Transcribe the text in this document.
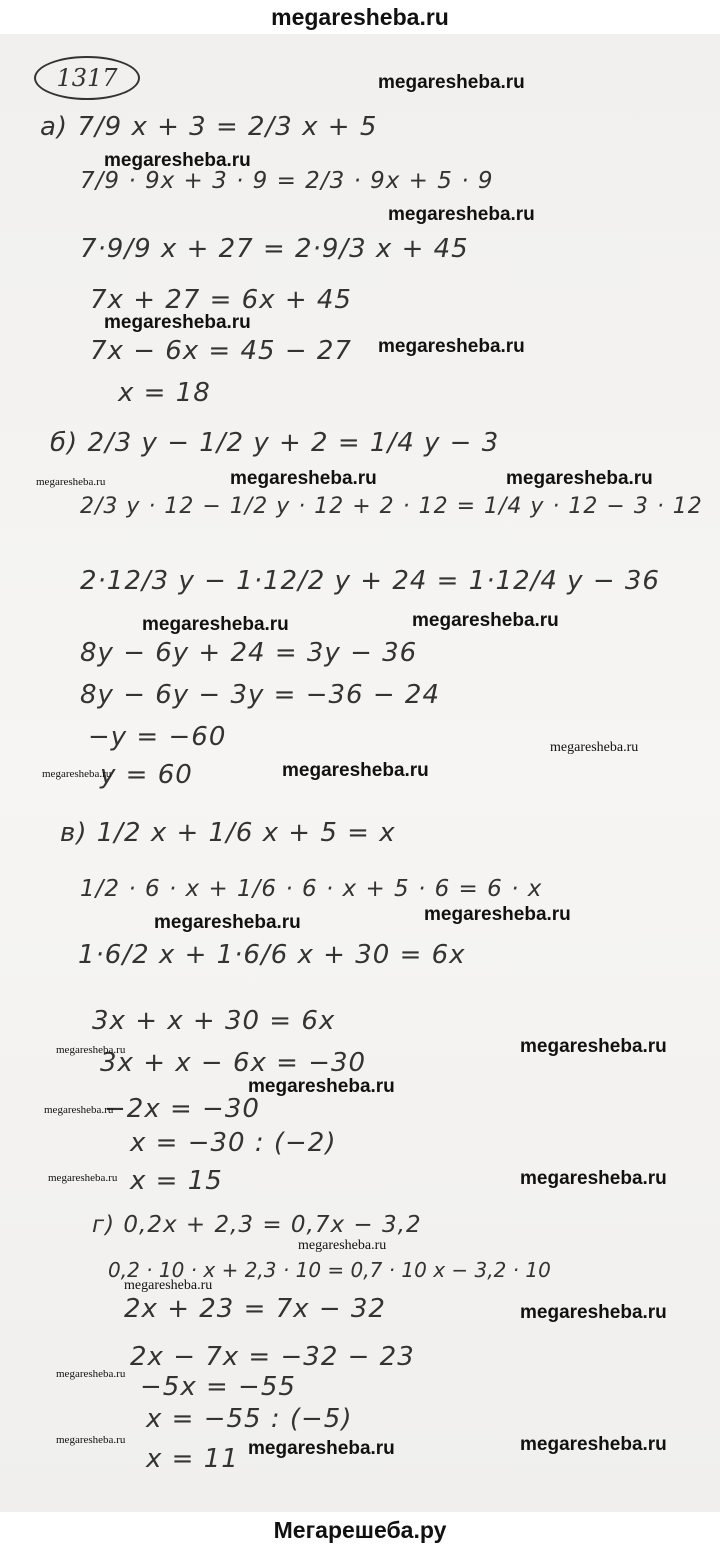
megaresheba.ru
1317
а) 7/9 x + 3 = 2/3 x + 5
7/9 · 9x + 3 · 9 = 2/3 · 9x + 5 · 9
7·9/9 x + 27 = 2·9/3 x + 45
7x + 27 = 6x + 45
7x − 6x = 45 − 27
x = 18
б) 2/3 y − 1/2 y + 2 = 1/4 y − 3
2/3 y · 12 − 1/2 y · 12 + 2 · 12 = 1/4 y · 12 − 3 · 12
2·12/3 y − 1·12/2 y + 24 = 1·12/4 y − 36
8y − 6y + 24 = 3y − 36
8y − 6y − 3y = −36 − 24
−y = −60
y = 60
в) 1/2 x + 1/6 x + 5 = x
1/2 · 6 · x + 1/6 · 6 · x + 5 · 6 = 6 · x
1·6/2 x + 1·6/6 x + 30 = 6x
3x + x + 30 = 6x
3x + x − 6x = −30
−2x = −30
x = −30 : (−2)
x = 15
г) 0,2x + 2,3 = 0,7x − 3,2
0,2 · 10 · x + 2,3 · 10 = 0,7 · 10 x − 3,2 · 10
2x + 23 = 7x − 32
2x − 7x = −32 − 23
−5x = −55
x = −55 : (−5)
x = 11
megaresheba.ru
megaresheba.ru
megaresheba.ru
megaresheba.ru
megaresheba.ru
megaresheba.ru	megaresheba.ru	megaresheba.ru
megaresheba.ru	megaresheba.ru
megaresheba.ru
megaresheba.ru	megaresheba.ru
megaresheba.ru	megaresheba.ru
megaresheba.ru	megaresheba.ru
megaresheba.ru
megaresheba.ru
megaresheba.ru	megaresheba.ru
megaresheba.ru
megaresheba.ru
megaresheba.ru
megaresheba.ru
megaresheba.ru	megaresheba.ru	megaresheba.ru
Мегарешеба.ру
